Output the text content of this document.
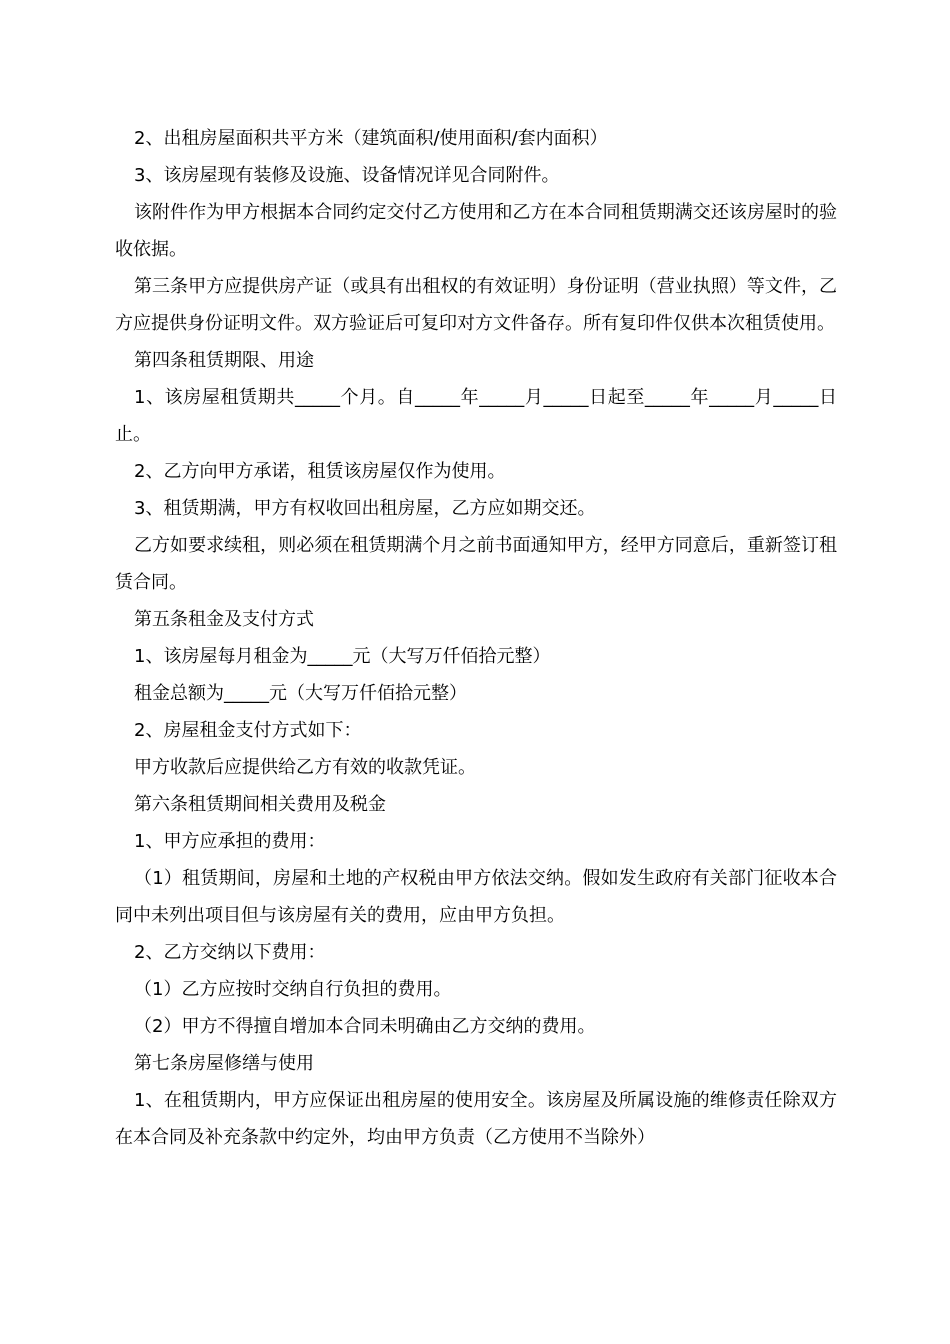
2、出租房屋面积共平方米（建筑面积/使用面积/套内面积）

3、该房屋现有装修及设施、设备情况详见合同附件。

该附件作为甲方根据本合同约定交付乙方使用和乙方在本合同租赁期满交还该房屋时的验收依据。

第三条甲方应提供房产证（或具有出租权的有效证明）身份证明（营业执照）等文件，乙方应提供身份证明文件。双方验证后可复印对方文件备存。所有复印件仅供本次租赁使用。

第四条租赁期限、用途

1、该房屋租赁期共_____个月。自_____年_____月_____日起至_____年_____月_____日止。

2、乙方向甲方承诺，租赁该房屋仅作为使用。

3、租赁期满，甲方有权收回出租房屋，乙方应如期交还。

乙方如要求续租，则必须在租赁期满个月之前书面通知甲方，经甲方同意后，重新签订租赁合同。

第五条租金及支付方式

1、该房屋每月租金为_____元（大写万仟佰拾元整）

租金总额为_____元（大写万仟佰拾元整）

2、房屋租金支付方式如下：

甲方收款后应提供给乙方有效的收款凭证。

第六条租赁期间相关费用及税金

1、甲方应承担的费用：

（1）租赁期间，房屋和土地的产权税由甲方依法交纳。假如发生政府有关部门征收本合同中未列出项目但与该房屋有关的费用，应由甲方负担。

2、乙方交纳以下费用：

（1）乙方应按时交纳自行负担的费用。

（2）甲方不得擅自增加本合同未明确由乙方交纳的费用。

第七条房屋修缮与使用

1、在租赁期内，甲方应保证出租房屋的使用安全。该房屋及所属设施的维修责任除双方在本合同及补充条款中约定外，均由甲方负责（乙方使用不当除外）
